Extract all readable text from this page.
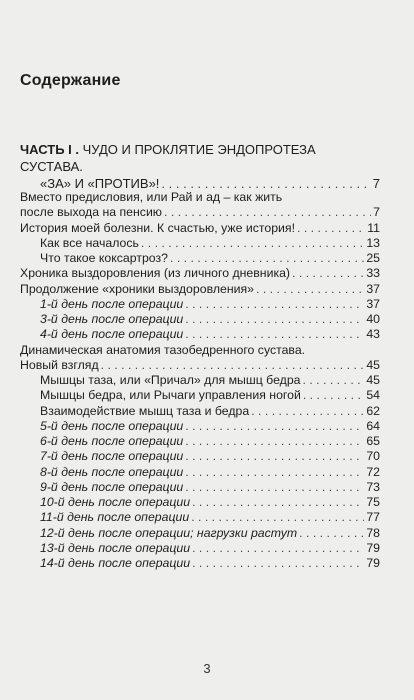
Содержание
ЧАСТЬ I . ЧУДО И ПРОКЛЯТИЕ ЭНДОПРОТЕЗА СУСТАВА.
«ЗА» И «ПРОТИВ»! . . .	7
Вместо предисловия, или Рай и ад – как жить
после выхода на пенсию . . .	7
История моей болезни. К счастью, уже история! . . .	11
Как все началось . . .	13
Что такое коксартроз? . . .	25
Хроника выздоровления (из личного дневника) . . .	33
Продолжение «хроники выздоровления» . . .	37
1-й день после операции . . .	37
3-й день после операции . . .	40
4-й день после операции . . .	43
Динамическая анатомия тазобедренного сустава.
Новый взгляд . . .	45
Мышцы таза, или «Причал» для мышц бедра . . .	45
Мышцы бедра, или Рычаги управления ногой . . .	54
Взаимодействие мышц таза и бедра . . .	62
5-й день после операции . . .	64
6-й день после операции . . .	65
7-й день после операции . . .	70
8-й день после операции . . .	72
9-й день после операции . . .	73
10-й день после операции . . .	75
11-й день после операции . . .	77
12-й день после операции; нагрузки растут . . .	78
13-й день после операции . . .	79
14-й день после операции . . .	79
3
